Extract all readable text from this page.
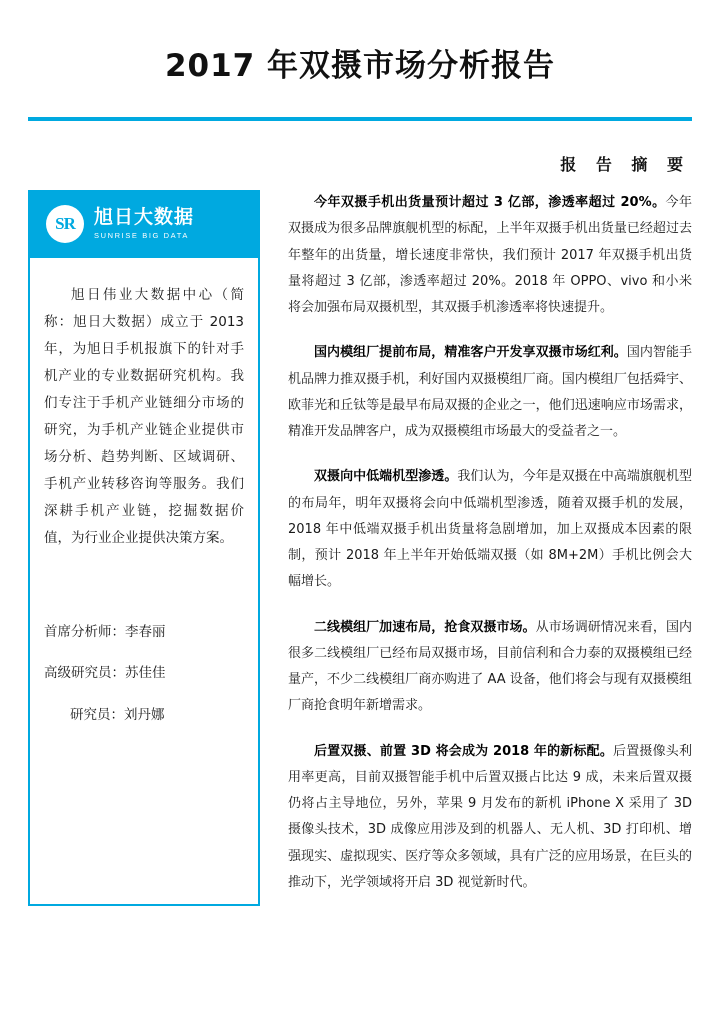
2017 年双摄市场分析报告
SR	旭日大数据
SUNRISE BIG DATA

旭日伟业大数据中心（简称：旭日大数据）成立于 2013 年，为旭日手机报旗下的针对手机产业的专业数据研究机构。我们专注于手机产业链细分市场的研究，为手机产业链企业提供市场分析、趋势判断、区域调研、手机产业转移咨询等服务。我们深耕手机产业链，挖掘数据价值，为行业企业提供决策方案。

首席分析师：李春丽
高级研究员：苏佳佳
研究员：刘丹娜
报 告 摘 要

今年双摄手机出货量预计超过 3 亿部，渗透率超过 20%。今年双摄成为很多品牌旗舰机型的标配，上半年双摄手机出货量已经超过去年整年的出货量，增长速度非常快，我们预计 2017 年双摄手机出货量将超过 3 亿部，渗透率超过 20%。2018 年 OPPO、vivo 和小米将会加强布局双摄机型，其双摄手机渗透率将快速提升。

国内模组厂提前布局，精准客户开发享双摄市场红利。国内智能手机品牌力推双摄手机，利好国内双摄模组厂商。国内模组厂包括舜宇、欧菲光和丘钛等是最早布局双摄的企业之一，他们迅速响应市场需求，精准开发品牌客户，成为双摄模组市场最大的受益者之一。

双摄向中低端机型渗透。我们认为，今年是双摄在中高端旗舰机型的布局年，明年双摄将会向中低端机型渗透，随着双摄手机的发展，2018 年中低端双摄手机出货量将急剧增加，加上双摄成本因素的限制，预计 2018 年上半年开始低端双摄（如 8M+2M）手机比例会大幅增长。

二线模组厂加速布局，抢食双摄市场。从市场调研情况来看，国内很多二线模组厂已经布局双摄市场，目前信利和合力泰的双摄模组已经量产，不少二线模组厂商亦购进了 AA 设备，他们将会与现有双摄模组厂商抢食明年新增需求。

后置双摄、前置 3D 将会成为 2018 年的新标配。后置摄像头利用率更高，目前双摄智能手机中后置双摄占比达 9 成，未来后置双摄仍将占主导地位，另外，苹果 9 月发布的新机 iPhone X 采用了 3D 摄像头技术，3D 成像应用涉及到的机器人、无人机、3D 打印机、增强现实、虚拟现实、医疗等众多领域，具有广泛的应用场景，在巨头的推动下，光学领域将开启 3D 视觉新时代。
